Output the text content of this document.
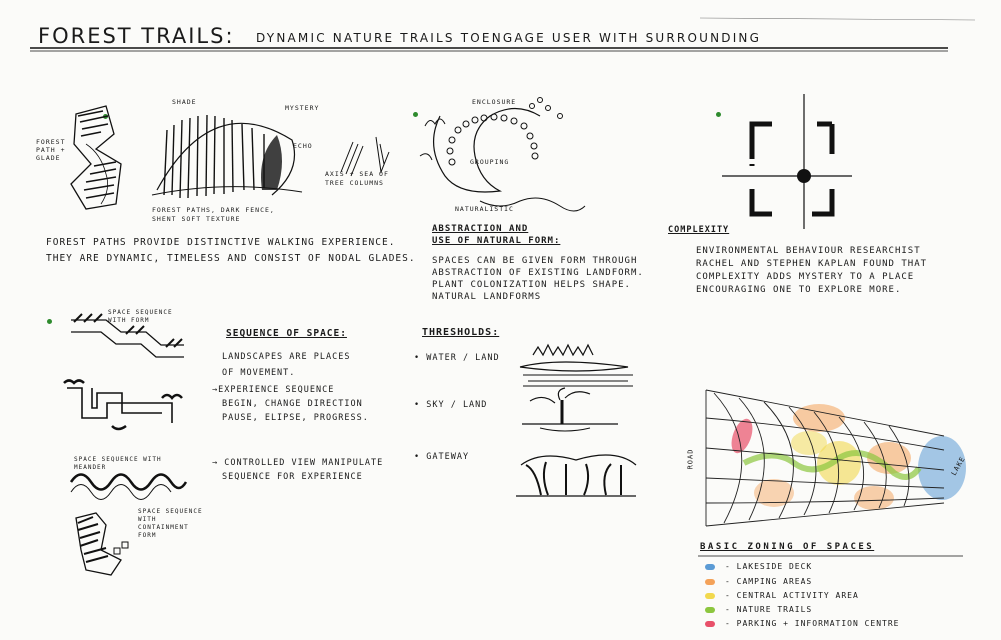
FOREST TRAILS: DYNAMIC NATURE TRAILS TOENGAGE USER WITH SURROUNDING
FOREST PATH + GLADE
SHADE
MYSTERY
ECHO
FOREST PATHS, DARK FENCE, SHENT SOFT TEXTURE
AXIS + SEA OF TREE COLUMNS
FOREST PATHS PROVIDE DISTINCTIVE WALKING EXPERIENCE.
THEY ARE DYNAMIC, TIMELESS AND CONSIST OF NODAL GLADES.
ENCLOSURE
GROUPING
NATURALISTIC
ABSTRACTION AND
USE OF NATURAL FORM:
SPACES CAN BE GIVEN FORM THROUGH
ABSTRACTION OF EXISTING LANDFORM.
PLANT COLONIZATION HELPS SHAPE.
NATURAL LANDFORMS
COMPLEXITY
ENVIRONMENTAL BEHAVIOUR RESEARCHIST
RACHEL AND STEPHEN KAPLAN FOUND THAT
COMPLEXITY ADDS MYSTERY TO A PLACE
ENCOURAGING ONE TO EXPLORE MORE.
SPACE SEQUENCE WITH FORM
SPACE SEQUENCE WITH MEANDER
SPACE SEQUENCE WITH CONTAINMENT FORM
SEQUENCE OF SPACE:
LANDSCAPES ARE PLACES
OF MOVEMENT.
→EXPERIENCE SEQUENCE
BEGIN, CHANGE DIRECTION
PAUSE, ELIPSE, PROGRESS.
→ CONTROLLED VIEW MANIPULATE
SEQUENCE FOR EXPERIENCE
THRESHOLDS:
• WATER / LAND
• SKY / LAND
• GATEWAY	ROAD	LAKE
BASIC ZONING OF SPACES
- LAKESIDE DECK
- CAMPING AREAS
- CENTRAL ACTIVITY AREA
- NATURE TRAILS
- PARKING + INFORMATION CENTRE
